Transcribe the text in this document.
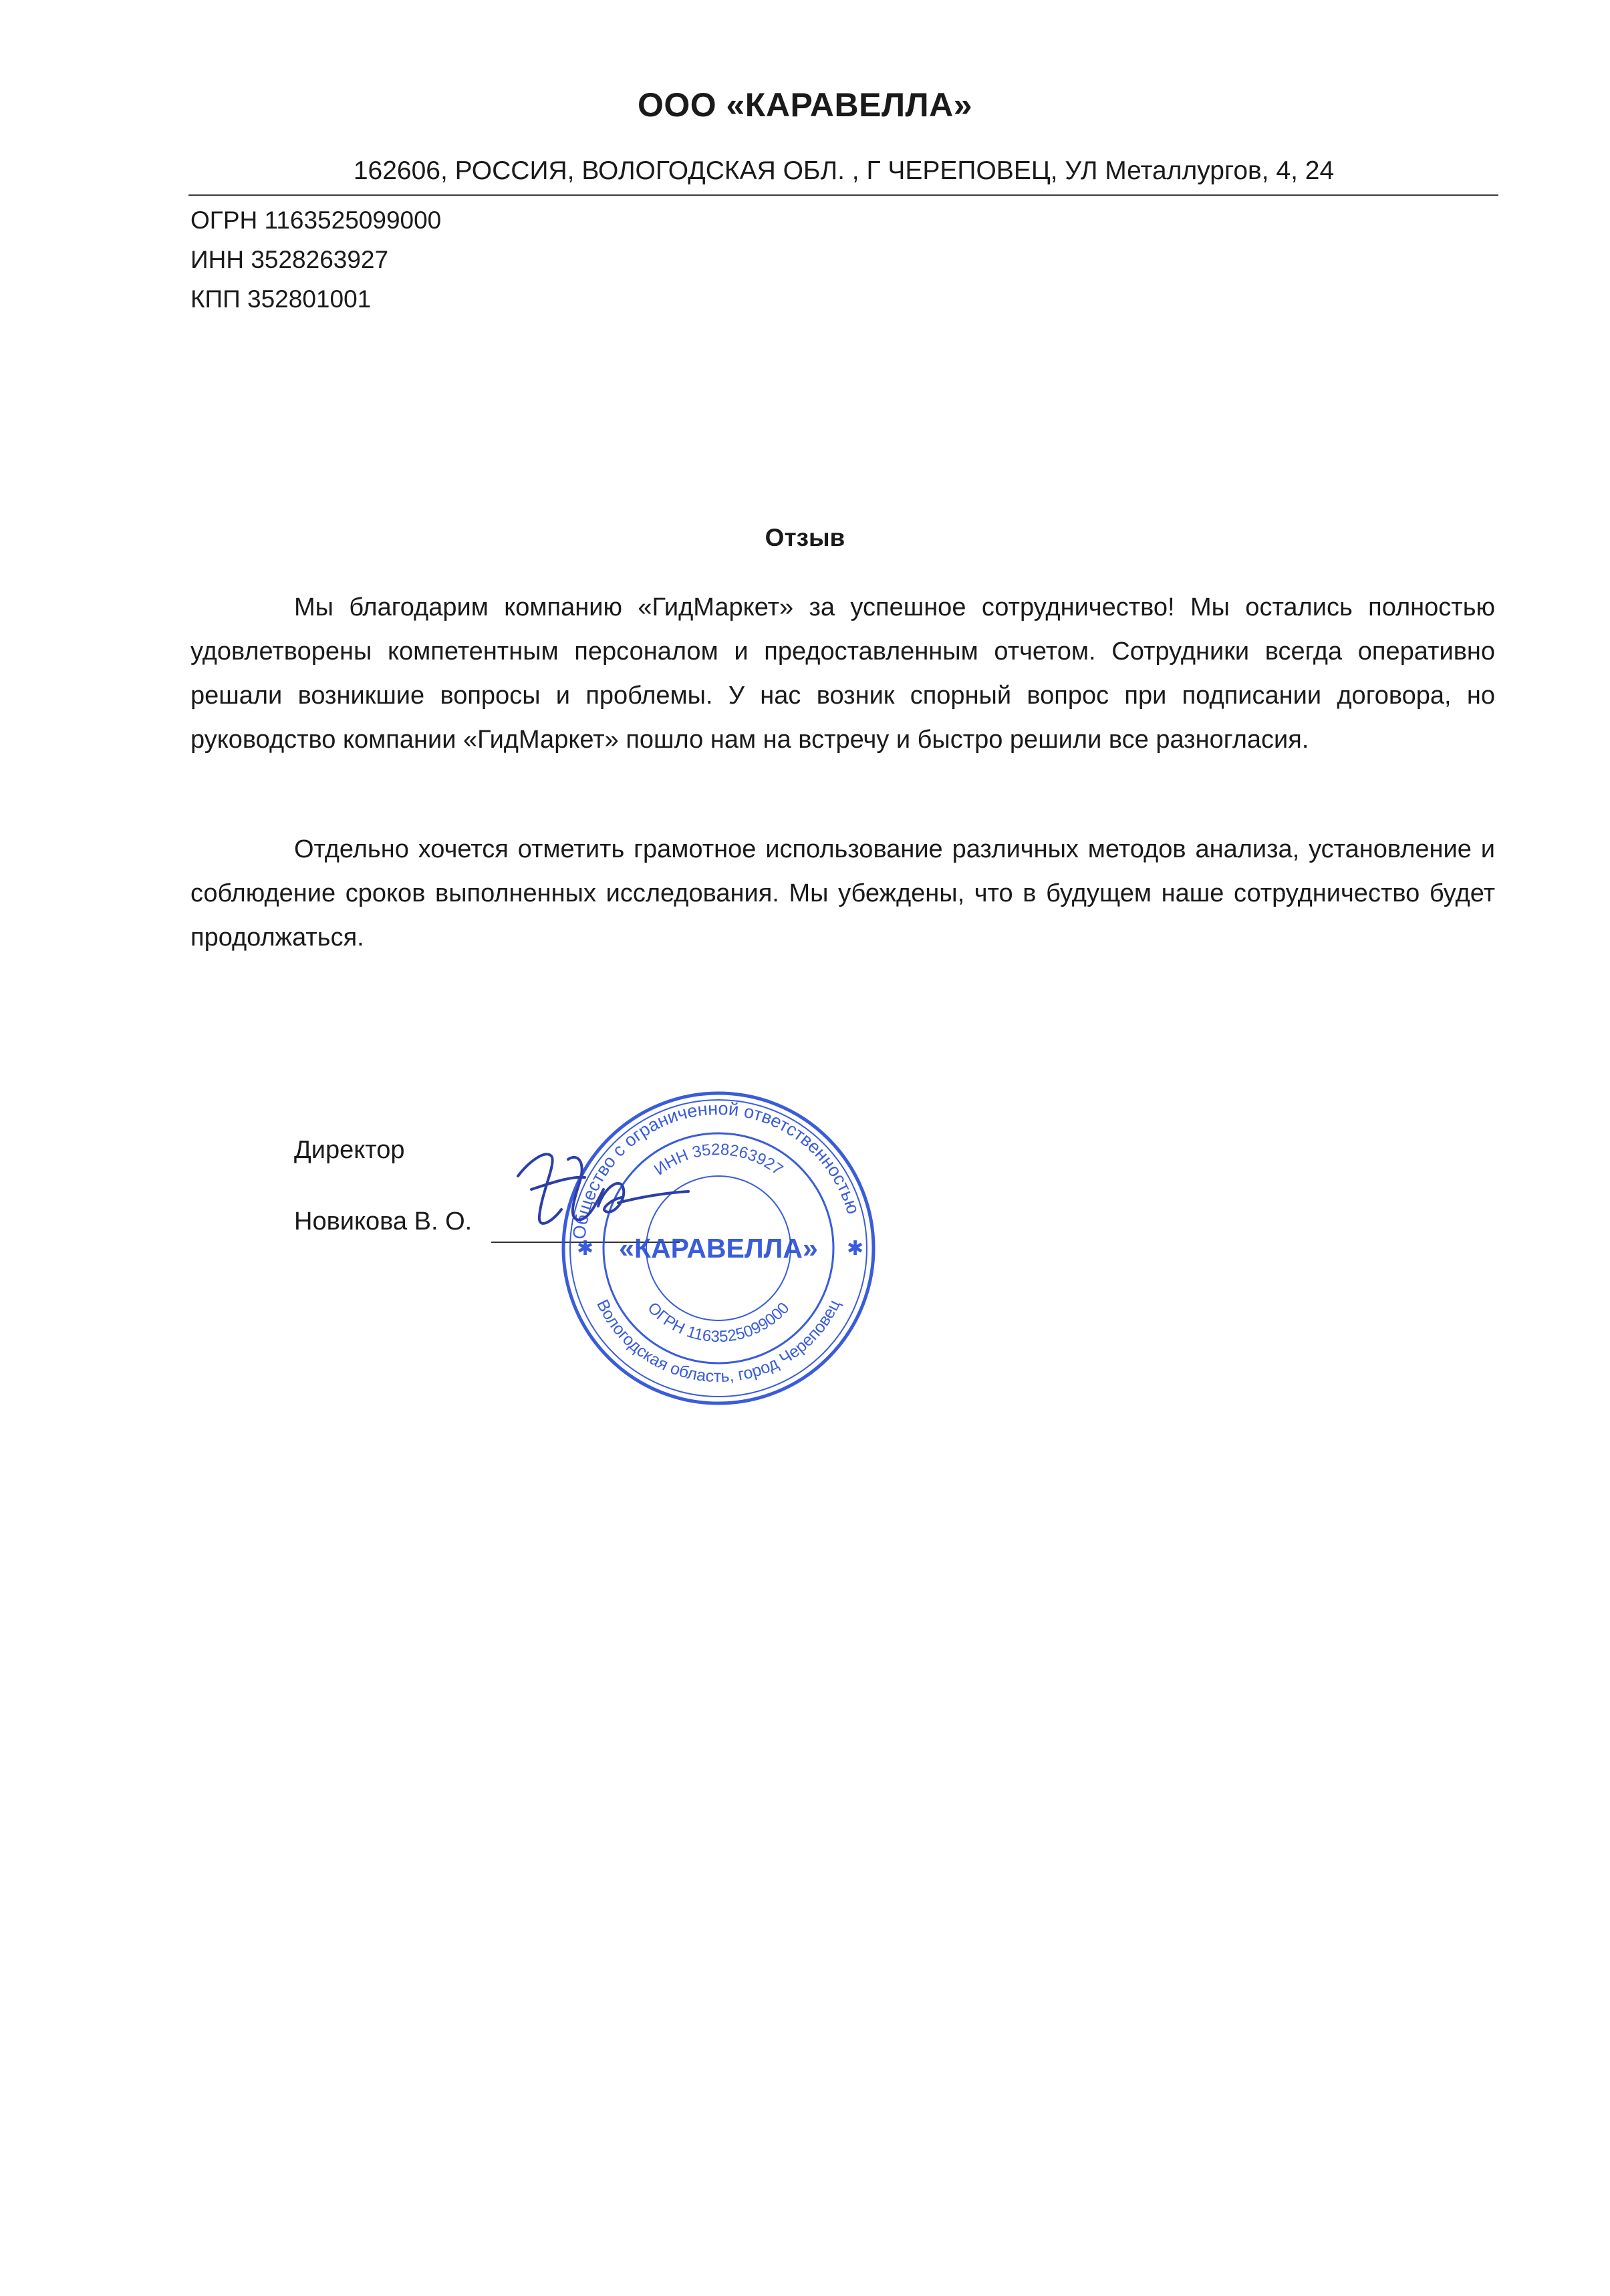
ООО «КАРАВЕЛЛА»
162606, РОССИЯ, ВОЛОГОДСКАЯ ОБЛ. , Г ЧЕРЕПОВЕЦ, УЛ Металлургов, 4, 24
ОГРН 1163525099000
ИНН 3528263927
КПП 352801001
Отзыв
Мы благодарим компанию «ГидМаркет» за успешное сотрудничество! Мы остались полностью удовлетворены компетентным персоналом и предоставленным отчетом. Сотрудники всегда оперативно решали возникшие вопросы и проблемы. У нас возник спорный вопрос при подписании договора, но руководство компании «ГидМаркет» пошло нам на встречу и быстро решили все разногласия.
Отдельно хочется отметить грамотное использование различных методов анализа, установление и соблюдение сроков выполненных исследования. Мы убеждены, что в будущем наше сотрудничество будет продолжаться.
Директор
Новикова В. О.	Общество с ограниченной ответственностью
Вологодская область, город Череповец
ИНН 3528263927
ОГРН 1163525099000
«КАРАВЕЛЛА»
✱	✱
